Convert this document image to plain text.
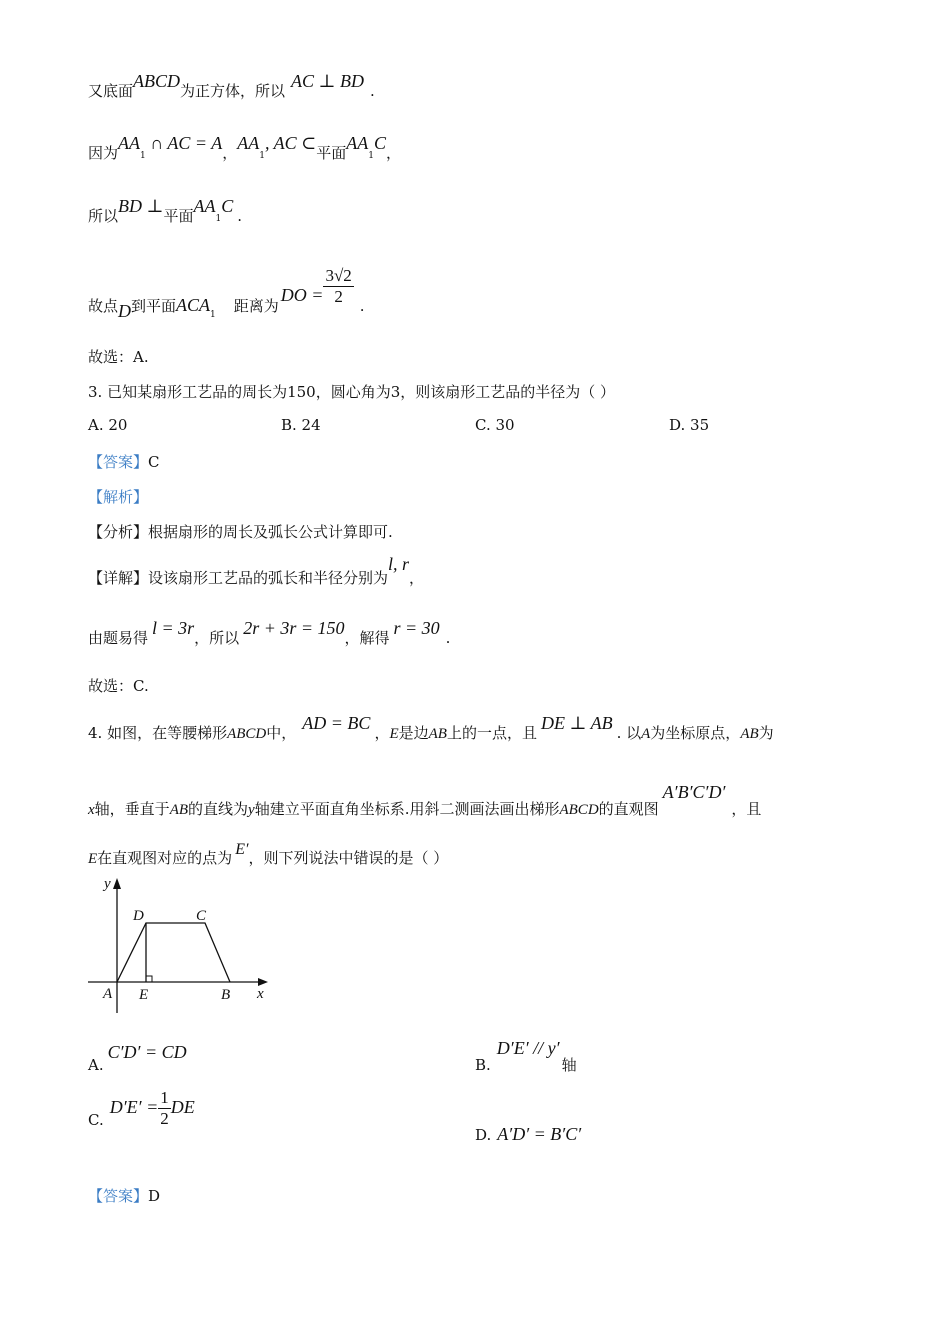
又底面ABCD为正方体，所以 AC ⊥ BD .
因为AA1 ∩ AC = A，AA1, AC ⊂平面AA1C，
所以BD ⊥平面AA1C .
故点D到平面$ACA_1$ 距离为DO = $\frac{3√2}{2}$ .
故选：A.
3. 已知某扇形工艺品的周长为150，圆心角为3，则该扇形工艺品的半径为（ ）
A. 20	B. 24	C. 30	D. 35
【答案】C
【解析】
【分析】根据扇形的周长及弧长公式计算即可.
【详解】设该扇形工艺品的弧长和半径分别为l, r，
由题易得 l = 3r，所以 2r + 3r = 150，解得 r = 30 .
故选：C.
4. 如图，在等腰梯形ABCD中， AD = BC ，E是边AB上的一点，且 DE ⊥ AB . 以A为坐标原点，AB为
x轴，垂直于AB的直线为y轴建立平面直角坐标系.用斜二测画法画出梯形ABCD的直观图A′B′C′D′，且
E在直观图对应的点为 E′，则下列说法中错误的是（ ）
y
x
A E	B
D	C
A.C′D′ = CD
B.D′E′ // y′轴
$C.D'E' = \frac{1}{2}$ DE
D. A′D′ = B′C′
【答案】D
